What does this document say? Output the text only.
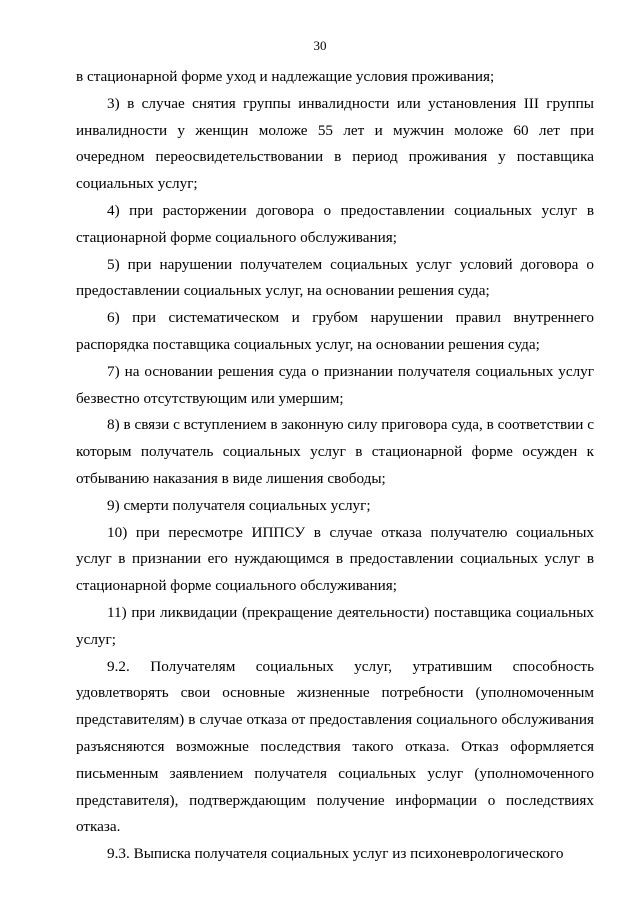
30

в стационарной форме уход и надлежащие условия проживания;

3) в случае снятия группы инвалидности или установления III группы инвалидности у женщин моложе 55 лет и мужчин моложе 60 лет при очередном переосвидетельствовании в период проживания у поставщика социальных услуг;

4) при расторжении договора о предоставлении социальных услуг в стационарной форме социального обслуживания;

5) при нарушении получателем социальных услуг условий договора о предоставлении социальных услуг, на основании решения суда;

6) при систематическом и грубом нарушении правил внутреннего распорядка поставщика социальных услуг, на основании решения суда;

7) на основании решения суда о признании получателя социальных услуг безвестно отсутствующим или умершим;

8) в связи с вступлением в законную силу приговора суда, в соответствии с которым получатель социальных услуг в стационарной форме осужден к отбыванию наказания в виде лишения свободы;

9) смерти получателя социальных услуг;

10) при пересмотре ИППСУ в случае отказа получателю социальных услуг в признании его нуждающимся в предоставлении социальных услуг в стационарной форме социального обслуживания;

11) при ликвидации (прекращение деятельности) поставщика социальных услуг;

9.2. Получателям социальных услуг, утратившим способность удовлетворять свои основные жизненные потребности (уполномоченным представителям) в случае отказа от предоставления социального обслуживания разъясняются возможные последствия такого отказа. Отказ оформляется письменным заявлением получателя социальных услуг (уполномоченного представителя), подтверждающим получение информации о последствиях отказа.

9.3. Выписка получателя социальных услуг из психоневрологического
